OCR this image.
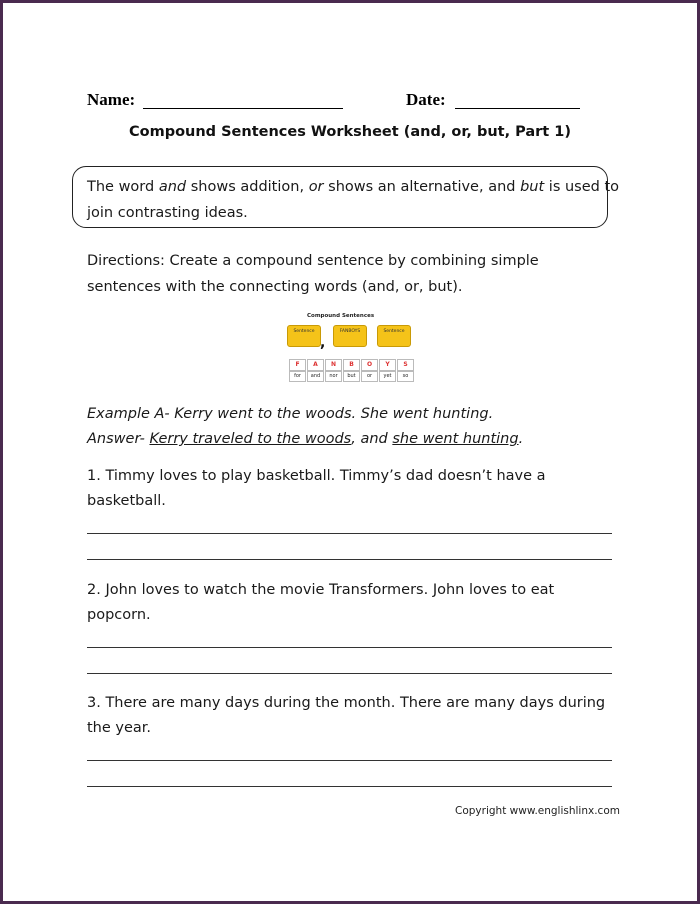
Name:	Date:
Compound Sentences Worksheet (and, or, but, Part 1)
The word and shows addition, or shows an alternative, and but is used to
join contrasting ideas.
Directions: Create a compound sentence by combining simple
sentences with the connecting words (and, or, but).
Compound Sentences
Sentence
,
FANBOYS	Sentence
F	A	N	B	O	Y	S
for	and	nor	but	or	yet	so
Example A- Kerry went to the woods. She went hunting.
Answer- Kerry traveled to the woods, and she went hunting.
1. Timmy loves to play basketball. Timmy’s dad doesn’t have a
basketball.
2. John loves to watch the movie Transformers. John loves to eat
popcorn.
3. There are many days during the month. There are many days during
the year.
Copyright www.englishlinx.com
